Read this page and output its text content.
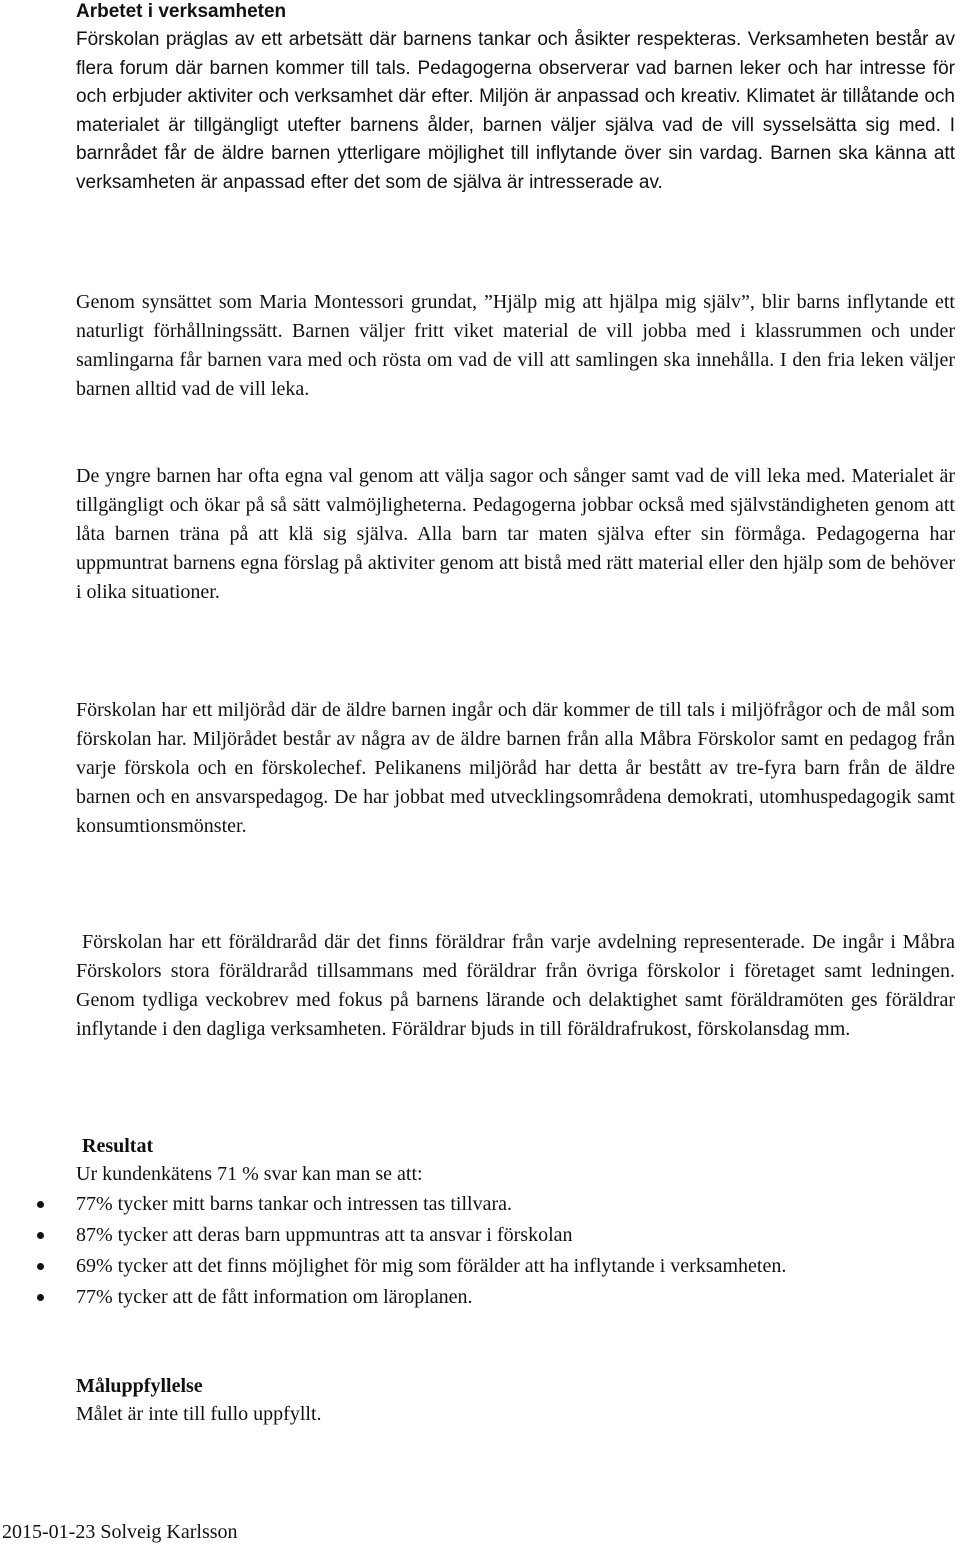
Arbetet i verksamheten

Förskolan präglas av ett arbetsätt där barnens tankar och åsikter respekteras. Verksamheten består av flera forum där barnen kommer till tals. Pedagogerna observerar vad barnen leker och har intresse för och erbjuder aktiviter och verksamhet där efter. Miljön är anpassad och kreativ. Klimatet är tillåtande och materialet är tillgängligt utefter barnens ålder, barnen väljer själva vad de vill sysselsätta sig med. I barnrådet får de äldre barnen ytterligare möjlighet till inflytande över sin vardag. Barnen ska känna att verksamheten är anpassad efter det som de själva är intresserade av.

Genom synsättet som Maria Montessori grundat, ”Hjälp mig att hjälpa mig själv”, blir barns inflytande ett naturligt förhållningssätt. Barnen väljer fritt viket material de vill jobba med i klassrummen och under samlingarna får barnen vara med och rösta om vad de vill att samlingen ska innehålla. I den fria leken väljer barnen alltid vad de vill leka.

De yngre barnen har ofta egna val genom att välja sagor och sånger samt vad de vill leka med. Materialet är tillgängligt och ökar på så sätt valmöjligheterna. Pedagogerna jobbar också med självständigheten genom att låta barnen träna på att klä sig själva. Alla barn tar maten själva efter sin förmåga. Pedagogerna har uppmuntrat barnens egna förslag på aktiviter genom att bistå med rätt material eller den hjälp som de behöver i olika situationer.

Förskolan har ett miljöråd där de äldre barnen ingår och där kommer de till tals i miljöfrågor och de mål som förskolan har. Miljörådet består av några av de äldre barnen från alla Måbra Förskolor samt en pedagog från varje förskola och en förskolechef. Pelikanens miljöråd har detta år bestått av tre-fyra barn från de äldre barnen och en ansvarspedagog. De har jobbat med utvecklingsområdena demokrati, utomhuspedagogik samt konsumtionsmönster.

Förskolan har ett föräldraråd där det finns föräldrar från varje avdelning representerade. De ingår i Måbra Förskolors stora föräldraråd tillsammans med föräldrar från övriga förskolor i företaget samt ledningen. Genom tydliga veckobrev med fokus på barnens lärande och delaktighet samt föräldramöten ges föräldrar inflytande i den dagliga verksamheten. Föräldrar bjuds in till föräldrafrukost, förskolansdag mm.

Resultat

Ur kundenkätens 71 % svar kan man se att:

77% tycker mitt barns tankar och intressen tas tillvara.
87% tycker att deras barn uppmuntras att ta ansvar i förskolan
69% tycker att det finns möjlighet för mig som förälder att ha inflytande i verksamheten.
77% tycker att de fått information om läroplanen.

Måluppfyllelse

Målet är inte till fullo uppfyllt.

2015-01-23 Solveig Karlsson
